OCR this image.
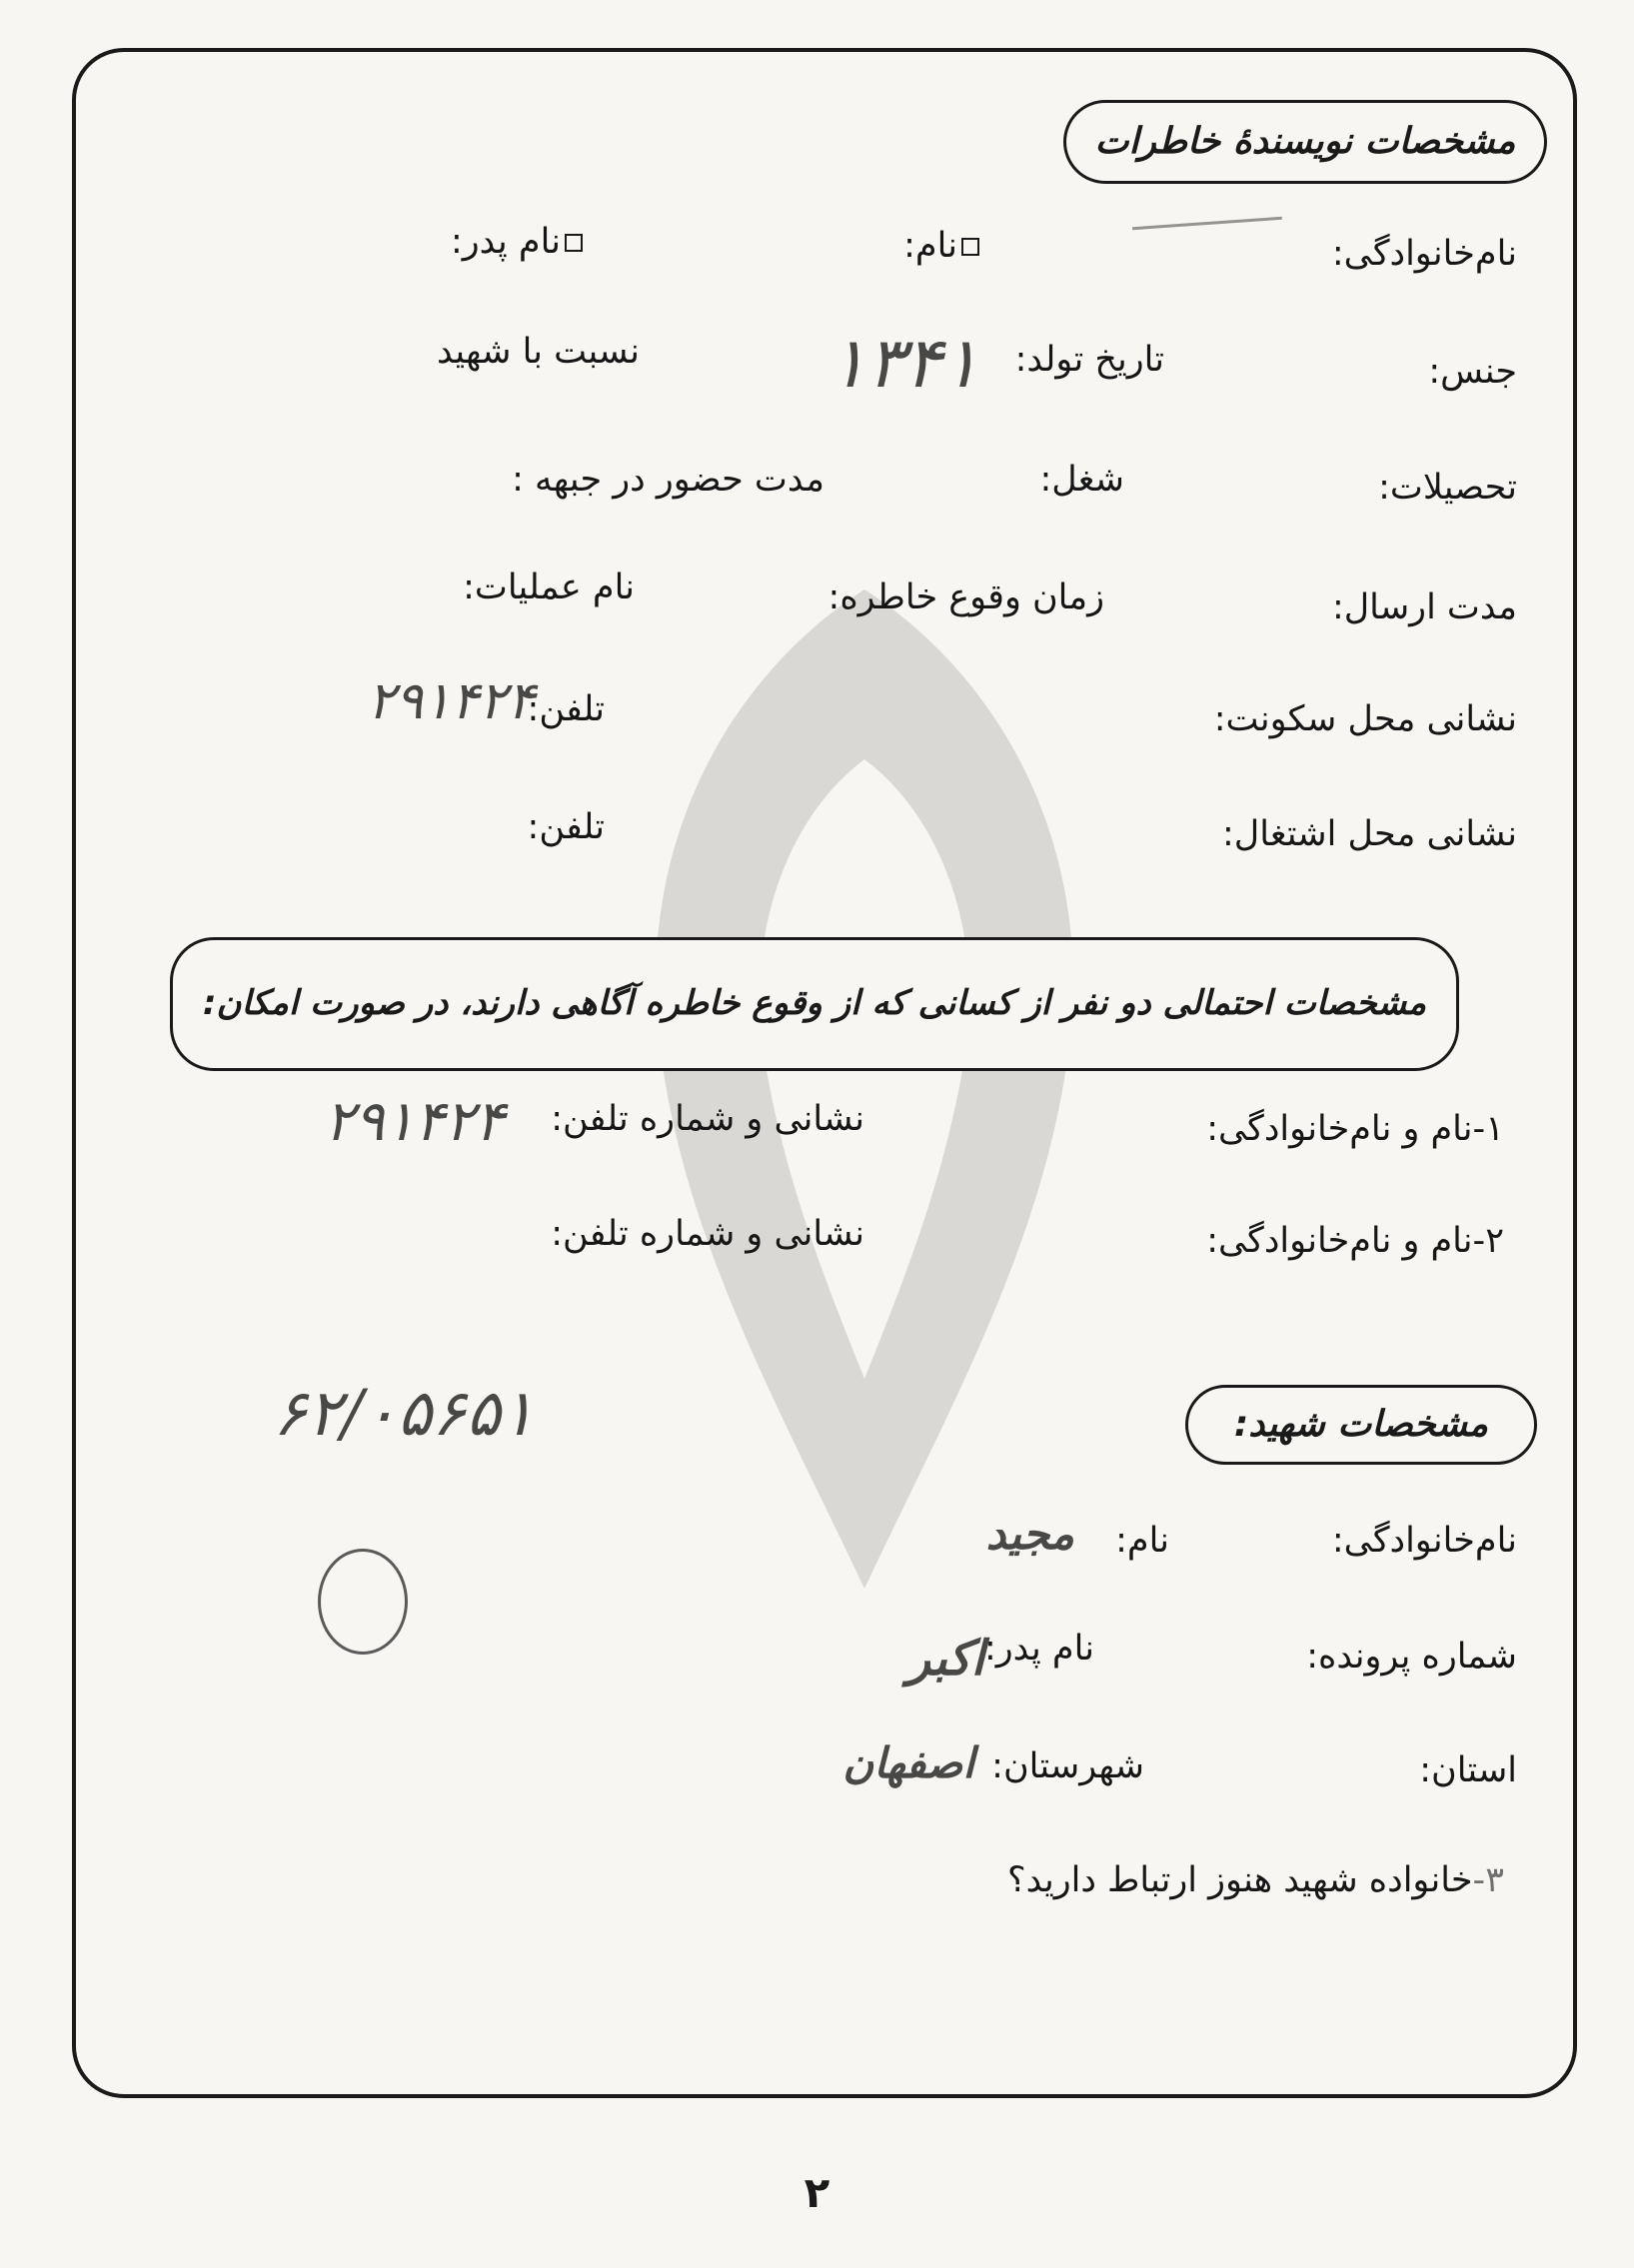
مشخصات نویسندهٔ خاطرات
نام‌خانوادگی:
نام:
نام پدر:
جنس:
تاریخ تولد:
۱۳۴۱
نسبت با شهید
تحصیلات:
شغل:
مدت حضور در جبهه :
مدت ارسال:
زمان وقوع خاطره:
نام عملیات:
نشانی محل سکونت:
تلفن:
۲۹۱۴۲۴
نشانی محل اشتغال:
تلفن:
مشخصات احتمالی دو نفر از کسانی که از وقوع خاطره آگاهی دارند، در صورت امکان:
۱-نام و نام‌خانوادگی:
نشانی و شماره تلفن:
۲۹۱۴۲۴
۲-نام و نام‌خانوادگی:
نشانی و شماره تلفن:
۶۲/۰۵۶۵۱	مشخصات شهید:
نام‌خانوادگی:
نام:
مجید
شماره پرونده:
نام پدر:
اکبر
استان:
شهرستان:
اصفهان
۳-خانواده شهید هنوز ارتباط دارید؟
۲
